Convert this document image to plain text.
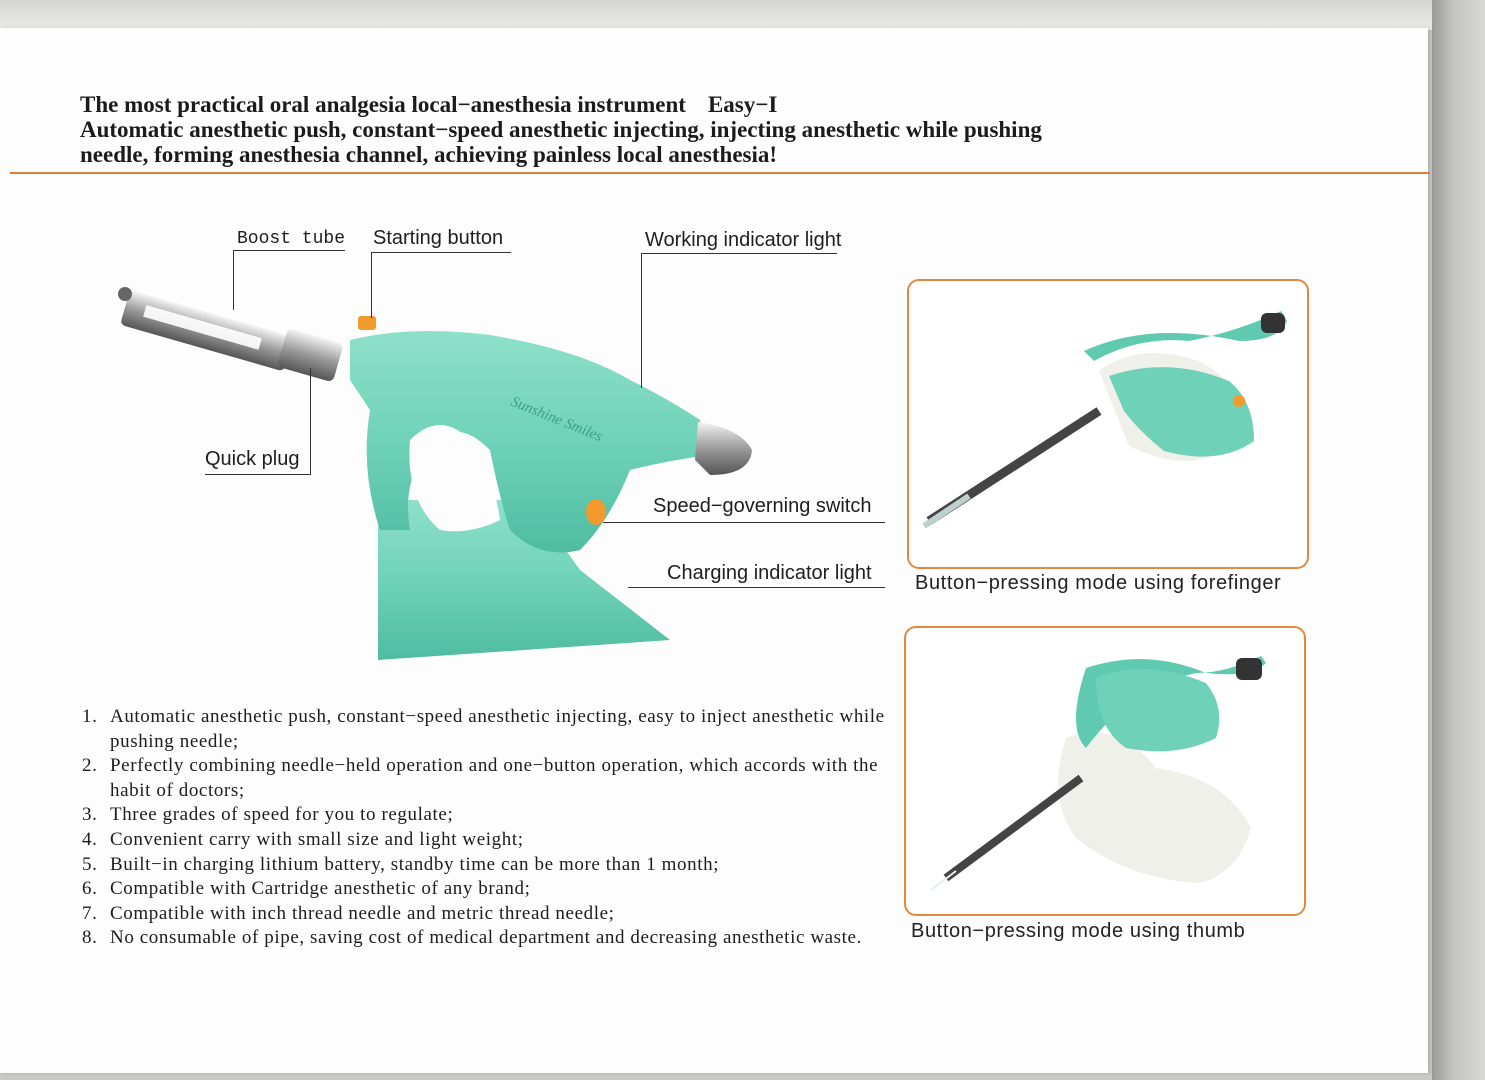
The most practical oral analgesia local−anesthesia instrument Easy−I
Automatic anesthetic push, constant−speed anesthetic injecting, injecting anesthetic while pushing
needle, forming anesthesia channel, achieving painless local anesthesia!
Sunshine Smiles
Boost tube Starting button	Working indicator light
Quick plug
Speed−governing switch
Charging indicator light Button−pressing mode using forefinger
Button−pressing mode using thumb
1. Automatic anesthetic push, constant−speed anesthetic injecting, easy to inject anesthetic while pushing needle;
2. Perfectly combining needle−held operation and one−button operation, which accords with the habit of doctors;
3. Three grades of speed for you to regulate;
4. Convenient carry with small size and light weight;
5. Built−in charging lithium battery, standby time can be more than 1 month;
6. Compatible with Cartridge anesthetic of any brand;
7. Compatible with inch thread needle and metric thread needle;
8. No consumable of pipe, saving cost of medical department and decreasing anesthetic waste.
